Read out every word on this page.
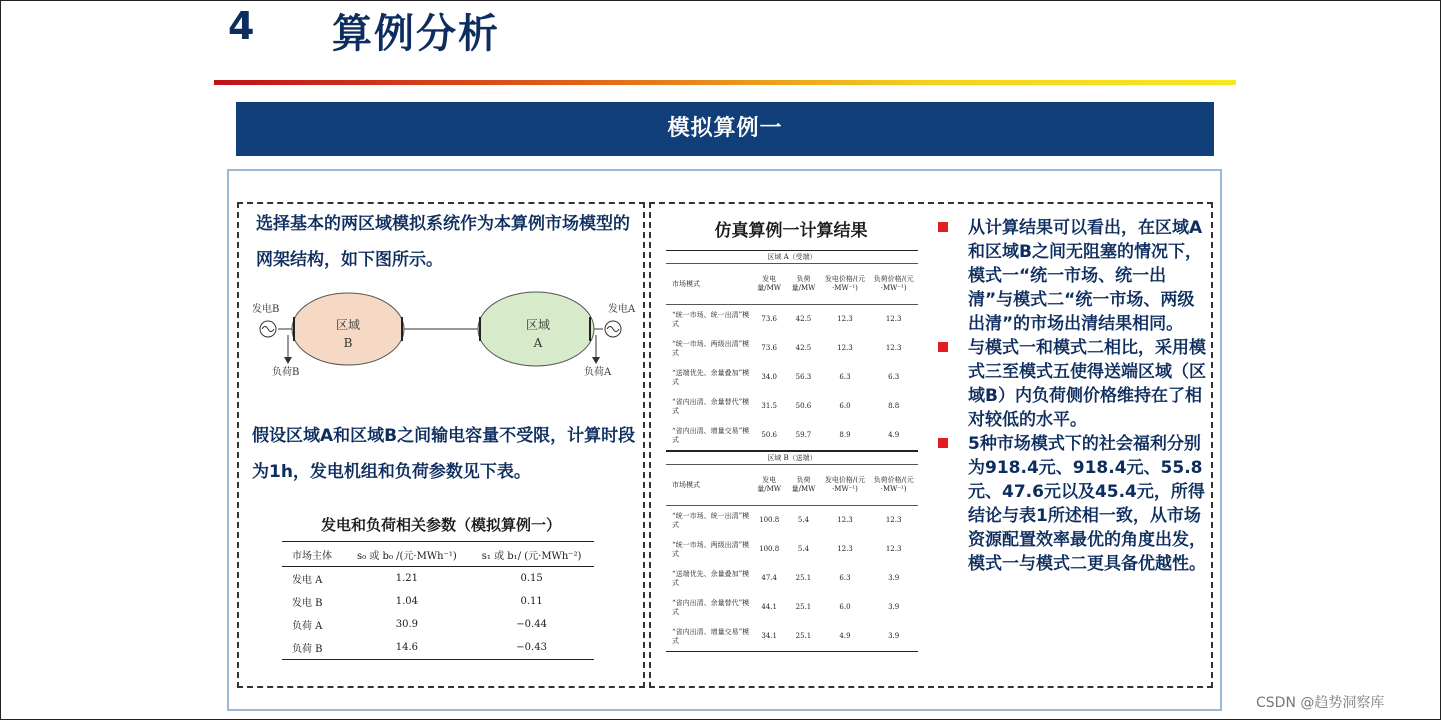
4 算例分析
模拟算例一
选择基本的两区域模拟系统作为本算例市场模型的网架结构，如下图所示。
发电B	发电A
负荷B	负荷A
区域
B
区域
A
假设区域A和区域B之间输电容量不受限，计算时段为1h，发电机组和负荷参数见下表。
发电和负荷相关参数（模拟算例一）
市场主体	s₀ 或 b₀ /(元·MWh⁻¹)	s₁ 或 b₁/ (元·MWh⁻²)
发电 A	1.21	0.15
发电 B	1.04	0.11
负荷 A	30.9	−0.44
负荷 B	14.6	−0.43
仿真算例一计算结果
区域 A（受端）				
市场模式	发电量/MW	负荷量/MW	发电价格/(元·MW⁻¹)	负荷价格/(元·MW⁻¹)
“统一市场、统一出清”模式	73.6	42.5	12.3	12.3
“统一市场、两级出清”模式	73.6	42.5	12.3	12.3
“送端优先、余量叠加”模式	34.0	56.3	6.3	6.3
“省内出清、余量替代”模式	31.5	50.6	6.0	8.8
“省内出清、增量交易”模式	50.6	59.7	8.9	4.9
区域 B（送端）				
市场模式	发电量/MW	负荷量/MW	发电价格/(元·MW⁻¹)	负荷价格/(元·MW⁻¹)
“统一市场、统一出清”模式	100.8	5.4	12.3	12.3
“统一市场、两级出清”模式	100.8	5.4	12.3	12.3
“送端优先、余量叠加”模式	47.4	25.1	6.3	3.9
“省内出清、余量替代”模式	44.1	25.1	6.0	3.9
“省内出清、增量交易”模式	34.1	25.1	4.9	3.9
从计算结果可以看出，在区域A和区域B之间无阻塞的情况下，模式一“统一市场、统一出清”与模式二“统一市场、两级出清”的市场出清结果相同。
与模式一和模式二相比，采用模式三至模式五使得送端区域（区域B）内负荷侧价格维持在了相对较低的水平。
5种市场模式下的社会福利分别为918.4元、918.4元、55.8元、47.6元以及45.4元，所得结论与表1所述相一致，从市场资源配置效率最优的角度出发，模式一与模式二更具备优越性。
CSDN @趋势洞察库
